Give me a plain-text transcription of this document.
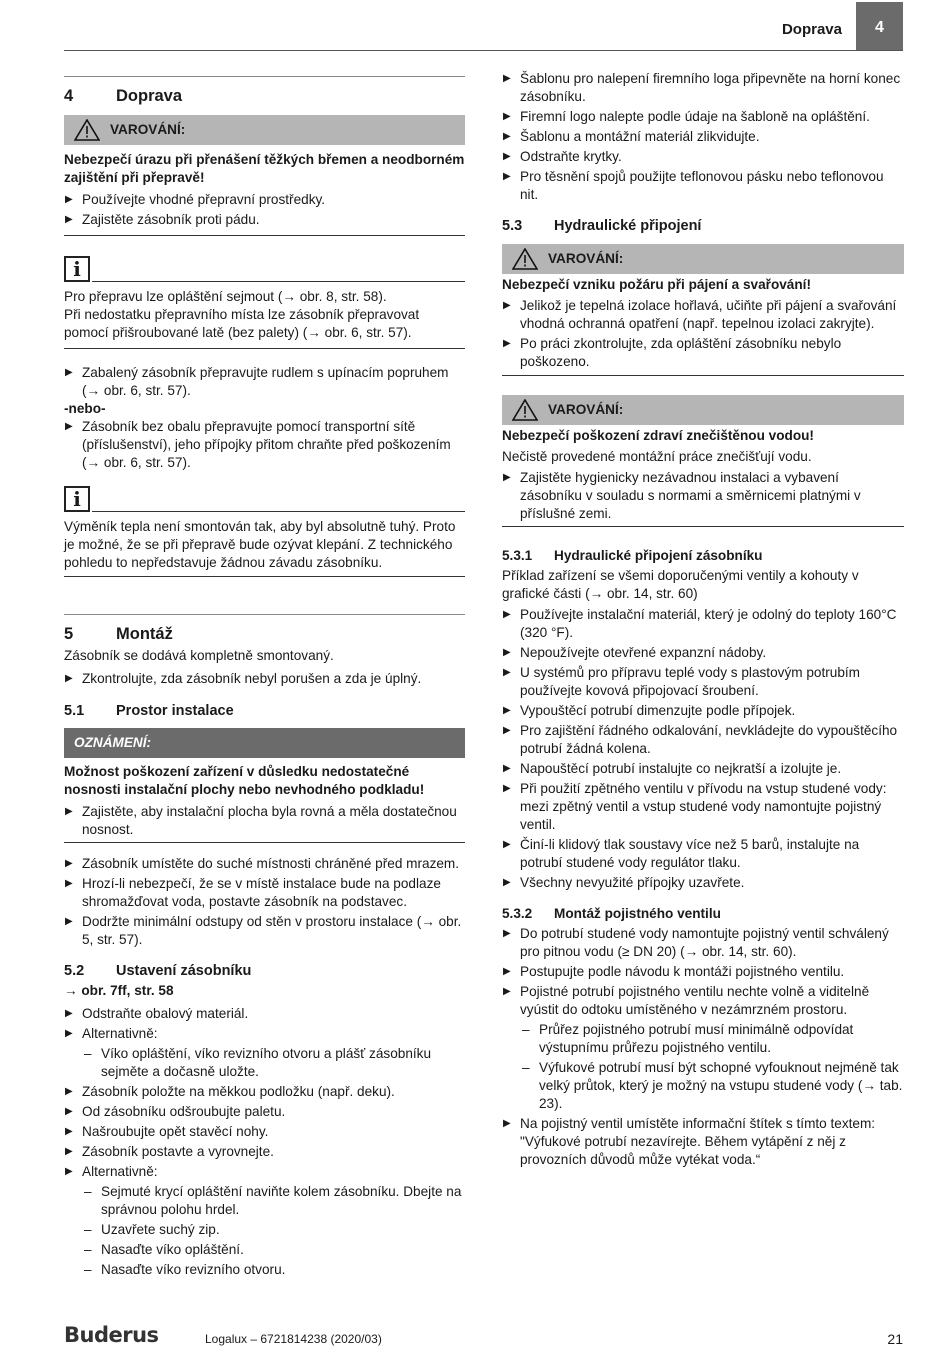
Doprava	4
4	Doprava
VAROVÁNÍ:

Nebezpečí úrazu při přenášení těžkých břemen a neodborném zajištění při přepravě!

▶ Používejte vhodné přepravní prostředky.

▶ Zajistěte zásobník proti pádu.

i

Pro přepravu lze opláštění sejmout (→ obr. 8, str. 58).

Při nedostatku přepravního místa lze zásobník přepravovat pomocí přišroubované latě (bez palety) (→ obr. 6, str. 57).

▶ Zabalený zásobník přepravujte rudlem s upínacím popruhem (→ obr. 6, str. 57).

-nebo-

▶ Zásobník bez obalu přepravujte pomocí transportní sítě (příslušenství), jeho přípojky přitom chraňte před poškozením (→ obr. 6, str. 57).

i

Výměník tepla není smontován tak, aby byl absolutně tuhý. Proto je možné, že se při přepravě bude ozývat klepání. Z technického pohledu to nepředstavuje žádnou závadu zásobníku.

5	Montáž

Zásobník se dodává kompletně smontovaný.

▶ Zkontrolujte, zda zásobník nebyl porušen a zda je úplný.

5.1	Prostor instalace
OZNÁMENÍ:

Možnost poškození zařízení v důsledku nedostatečné nosnosti instalační plochy nebo nevhodného podkladu!

▶ Zajistěte, aby instalační plocha byla rovná a měla dostatečnou nosnost.

▶ Zásobník umístěte do suché místnosti chráněné před mrazem.

▶ Hrozí-li nebezpečí, že se v místě instalace bude na podlaze shromažďovat voda, postavte zásobník na podstavec.

▶ Dodržte minimální odstupy od stěn v prostoru instalace (→ obr. 5, str. 57).

5.2	Ustavení zásobníku

→ obr. 7ff, str. 58

▶ Odstraňte obalový materiál.

▶ Alternativně:

– Víko opláštění, víko revizního otvoru a plášť zásobníku sejměte a dočasně uložte.

▶ Zásobník položte na měkkou podložku (např. deku).

▶ Od zásobníku odšroubujte paletu.

▶ Našroubujte opět stavěcí nohy.

▶ Zásobník postavte a vyrovnejte.

▶ Alternativně:

– Sejmuté krycí opláštění naviňte kolem zásobníku. Dbejte na správnou polohu hrdel.

– Uzavřete suchý zip.

– Nasaďte víko opláštění.

– Nasaďte víko revizního otvoru.

▶ Šablonu pro nalepení firemního loga připevněte na horní konec zásobníku.

▶ Firemní logo nalepte podle údaje na šabloně na opláštění.

▶ Šablonu a montážní materiál zlikvidujte.

▶ Odstraňte krytky.

▶ Pro těsnění spojů použijte teflonovou pásku nebo teflonovou nit.

5.3	Hydraulické připojení
VAROVÁNÍ:

Nebezpečí vzniku požáru při pájení a svařování!

▶ Jelikož je tepelná izolace hořlavá, učiňte při pájení a svařování vhodná ochranná opatření (např. tepelnou izolaci zakryjte).

▶ Po práci zkontrolujte, zda opláštění zásobníku nebylo poškozeno.

VAROVÁNÍ:

Nebezpečí poškození zdraví znečištěnou vodou!

Nečistě provedené montážní práce znečišťují vodu.

▶ Zajistěte hygienicky nezávadnou instalaci a vybavení zásobníku v souladu s normami a směrnicemi platnými v příslušné zemi.

5.3.1	Hydraulické připojení zásobníku

Příklad zařízení se všemi doporučenými ventily a kohouty v grafické části (→ obr. 14, str. 60)

▶ Používejte instalační materiál, který je odolný do teploty 160°C (320 °F).

▶ Nepoužívejte otevřené expanzní nádoby.

▶ U systémů pro přípravu teplé vody s plastovým potrubím používejte kovová připojovací šroubení.

▶ Vypouštěcí potrubí dimenzujte podle přípojek.

▶ Pro zajištění řádného odkalování, nevkládejte do vypouštěcího potrubí žádná kolena.

▶ Napouštěcí potrubí instalujte co nejkratší a izolujte je.

▶ Při použití zpětného ventilu v přívodu na vstup studené vody: mezi zpětný ventil a vstup studené vody namontujte pojistný ventil.

▶ Činí-li klidový tlak soustavy více než 5 barů, instalujte na potrubí studené vody regulátor tlaku.

▶ Všechny nevyužité přípojky uzavřete.

5.3.2	Montáž pojistného ventilu

▶ Do potrubí studené vody namontujte pojistný ventil schválený pro pitnou vodu (≥ DN 20) (→ obr. 14, str. 60).

▶ Postupujte podle návodu k montáži pojistného ventilu.

▶ Pojistné potrubí pojistného ventilu nechte volně a viditelně vyústit do odtoku umístěného v nezámrzném prostoru.

– Průřez pojistného potrubí musí minimálně odpovídat výstupnímu průřezu pojistného ventilu.

– Výfukové potrubí musí být schopné vyfouknout nejméně tak velký průtok, který je možný na vstupu studené vody (→ tab. 23).

▶ Na pojistný ventil umístěte informační štítek s tímto textem: "Výfukové potrubí nezavírejte. Během vytápění z něj z provozních důvodů může vytékat voda.“

Buderus	Logalux – 6721814238 (2020/03)	21
